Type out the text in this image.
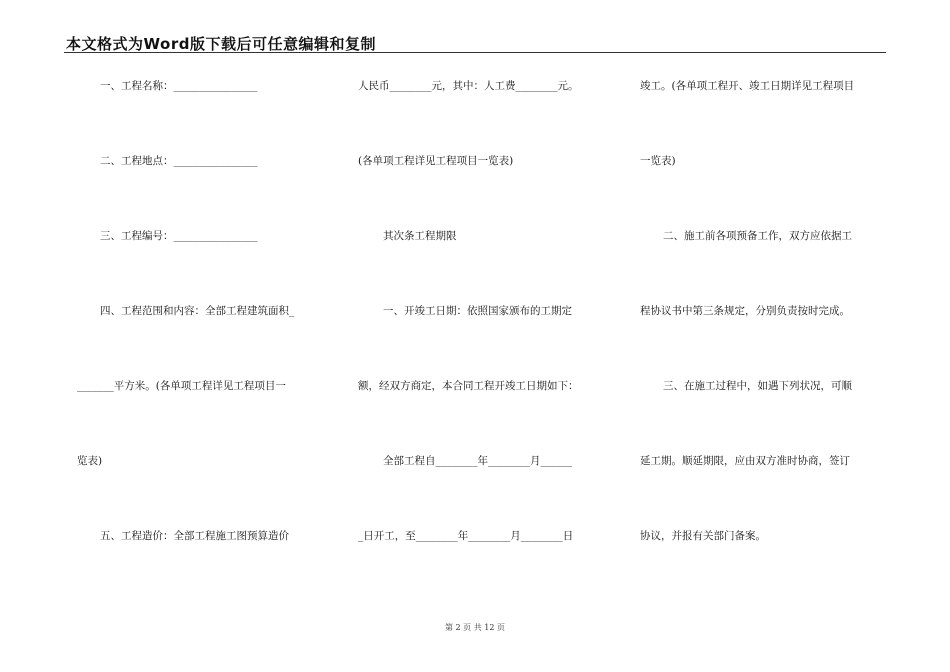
本文格式为Word版下载后可任意编辑和复制
一、工程名称：________________
二、工程地点：________________
三、工程编号：________________
四、工程范围和内容：全部工程建筑面积_
_______平方米。(各单项工程详见工程项目一
览表)
五、工程造价：全部工程施工图预算造价
人民币________元，其中：人工费________元。
(各单项工程详见工程项目一览表)
其次条工程期限
一、开竣工日期：依照国家颁布的工期定
额，经双方商定，本合同工程开竣工日期如下：
全部工程自________年________月______
_日开工，至________年________月________日
竣工。(各单项工程开、竣工日期详见工程项目
一览表)
二、施工前各项预备工作，双方应依据工
程协议书中第三条规定，分别负责按时完成。
三、在施工过程中，如遇下列状况，可顺
延工期。顺延期限，应由双方准时协商，签订
协议，并报有关部门备案。
第 2 页 共 12 页
